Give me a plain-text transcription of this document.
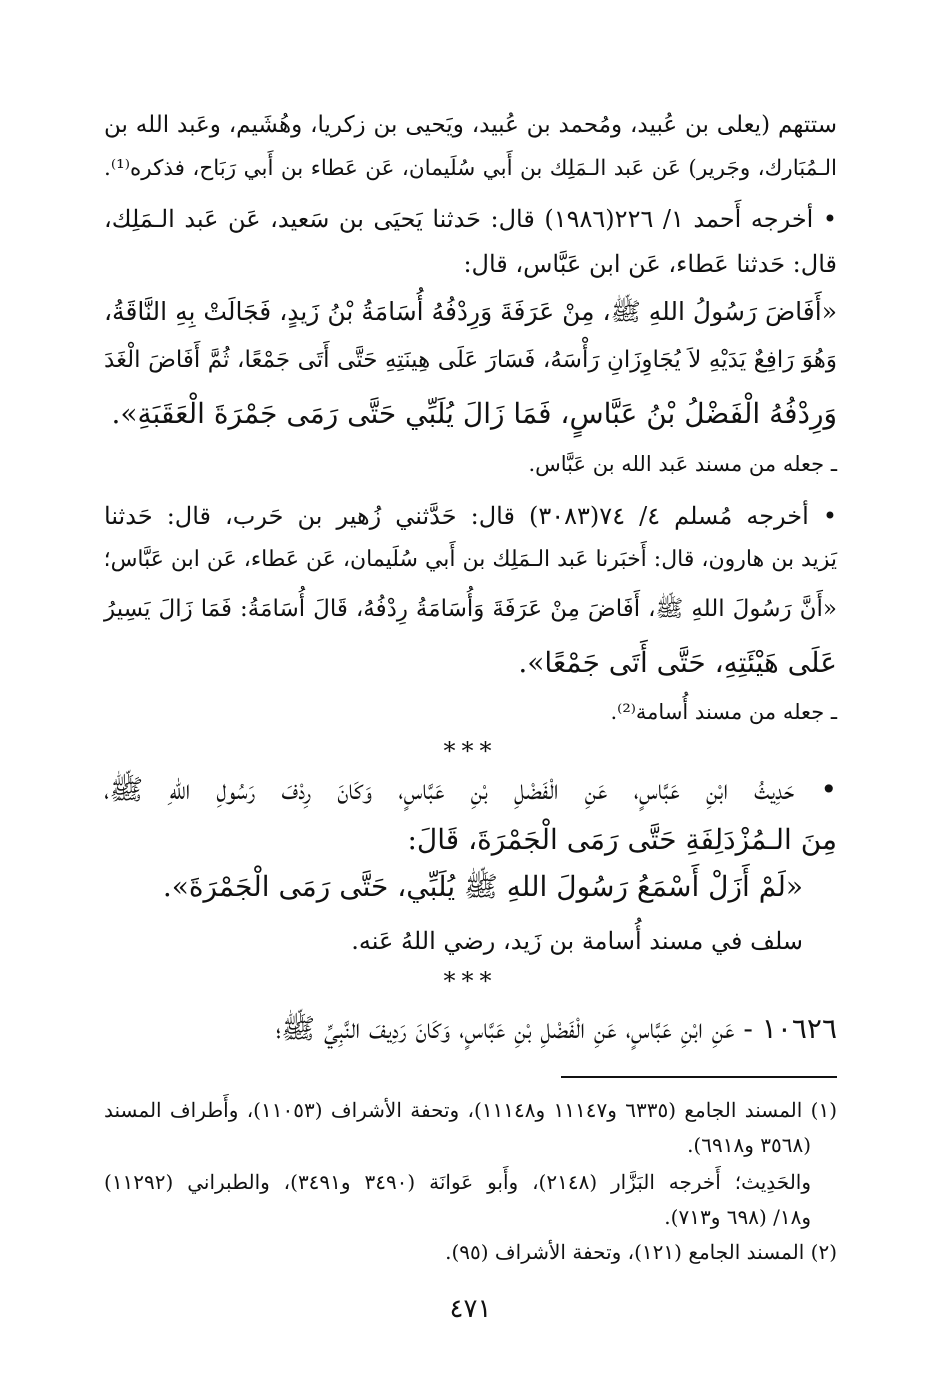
ستتهم (يعلى بن عُبيد، ومُحمد بن عُبيد، ويَحيى بن زكريا، وهُشَيم، وعَبد الله بن
الـمُبَارك، وجَرير) عَن عَبد الـمَلِك بن أَبي سُلَيمان، عَن عَطاء بن أَبي رَبَاح، فذكره⁽¹⁾.
• أخرجه أَحمد ١/ ٢٢٦(١٩٨٦) قال: حَدثنا يَحيَى بن سَعيد، عَن عَبد الـمَلِك،
قال: حَدثنا عَطاء، عَن ابن عَبَّاس، قال:
«أَفَاضَ رَسُولُ اللهِ ﷺ، مِنْ عَرَفَةَ وَرِدْفُهُ أُسَامَةُ بْنُ زَيدٍ، فَجَالَتْ بِهِ النَّاقَةُ،
وَهُوَ رَافِعٌ يَدَيْهِ لاَ يُجَاوِزَانِ رَأْسَهُ، فَسَارَ عَلَى هِينَتِهِ حَتَّى أَتَى جَمْعًا، ثُمَّ أَفَاضَ الْغَدَ
وَرِدْفُهُ الْفَضْلُ بْنُ عَبَّاسٍ، فَمَا زَالَ يُلَبِّي حَتَّى رَمَى جَمْرَةَ الْعَقَبَةِ».
ـ جعله من مسند عَبد الله بن عَبَّاس.
• أخرجه مُسلم ٤/ ٧٤(٣٠٨٣) قال: حَدَّثني زُهير بن حَرب، قال: حَدثنا
يَزيد بن هارون، قال: أَخبَرنا عَبد الـمَلِك بن أَبي سُلَيمان، عَن عَطاء، عَن ابن عَبَّاس؛
«أَنَّ رَسُولَ اللهِ ﷺ، أَفَاضَ مِنْ عَرَفَةَ وَأُسَامَةُ رِدْفُهُ، قَالَ أُسَامَةُ: فَمَا زَالَ يَسِيرُ
عَلَى هَيْئَتِهِ، حَتَّى أَتَى جَمْعًا».
ـ جعله من مسند أُسامة⁽²⁾.
***
• حَدِيثُ ابْنِ عَبَّاسٍ، عَنِ الْفَضْلِ بْنِ عَبَّاسٍ، وَكَانَ رِدْفَ رَسُولِ اللهِ ﷺ،
مِنَ الـمُزْدَلِفَةِ حَتَّى رَمَى الْجَمْرَةَ، قَالَ:
«لَمْ أَزَلْ أَسْمَعُ رَسُولَ اللهِ ﷺ يُلَبِّي، حَتَّى رَمَى الْجَمْرَةَ».
سلف في مسند أُسامة بن زَيد، رضي اللهُ عَنه.
***
١٠٦٢٦ - عَنِ ابْنِ عَبَّاسٍ، عَنِ الْفَضْلِ بْنِ عَبَّاسٍ، وَكَانَ رَدِيفَ النَّبِيِّ ﷺ؛
(١) المسند الجامع (٦٣٣٥ و١١١٤٧ و١١١٤٨)، وتحفة الأشراف (١١٠٥٣)، وأَطراف المسند
(٣٥٦٨ و٦٩١٨).
والحَدِيث؛ أَخرجه البَزَّار (٢١٤٨)، وأَبو عَوانَة (٣٤٩٠ و٣٤٩١)، والطبراني (١١٢٩٢)
و١٨/ (٦٩٨ و٧١٣).
(٢) المسند الجامع (١٢١)، وتحفة الأشراف (٩٥).
٤٧١
